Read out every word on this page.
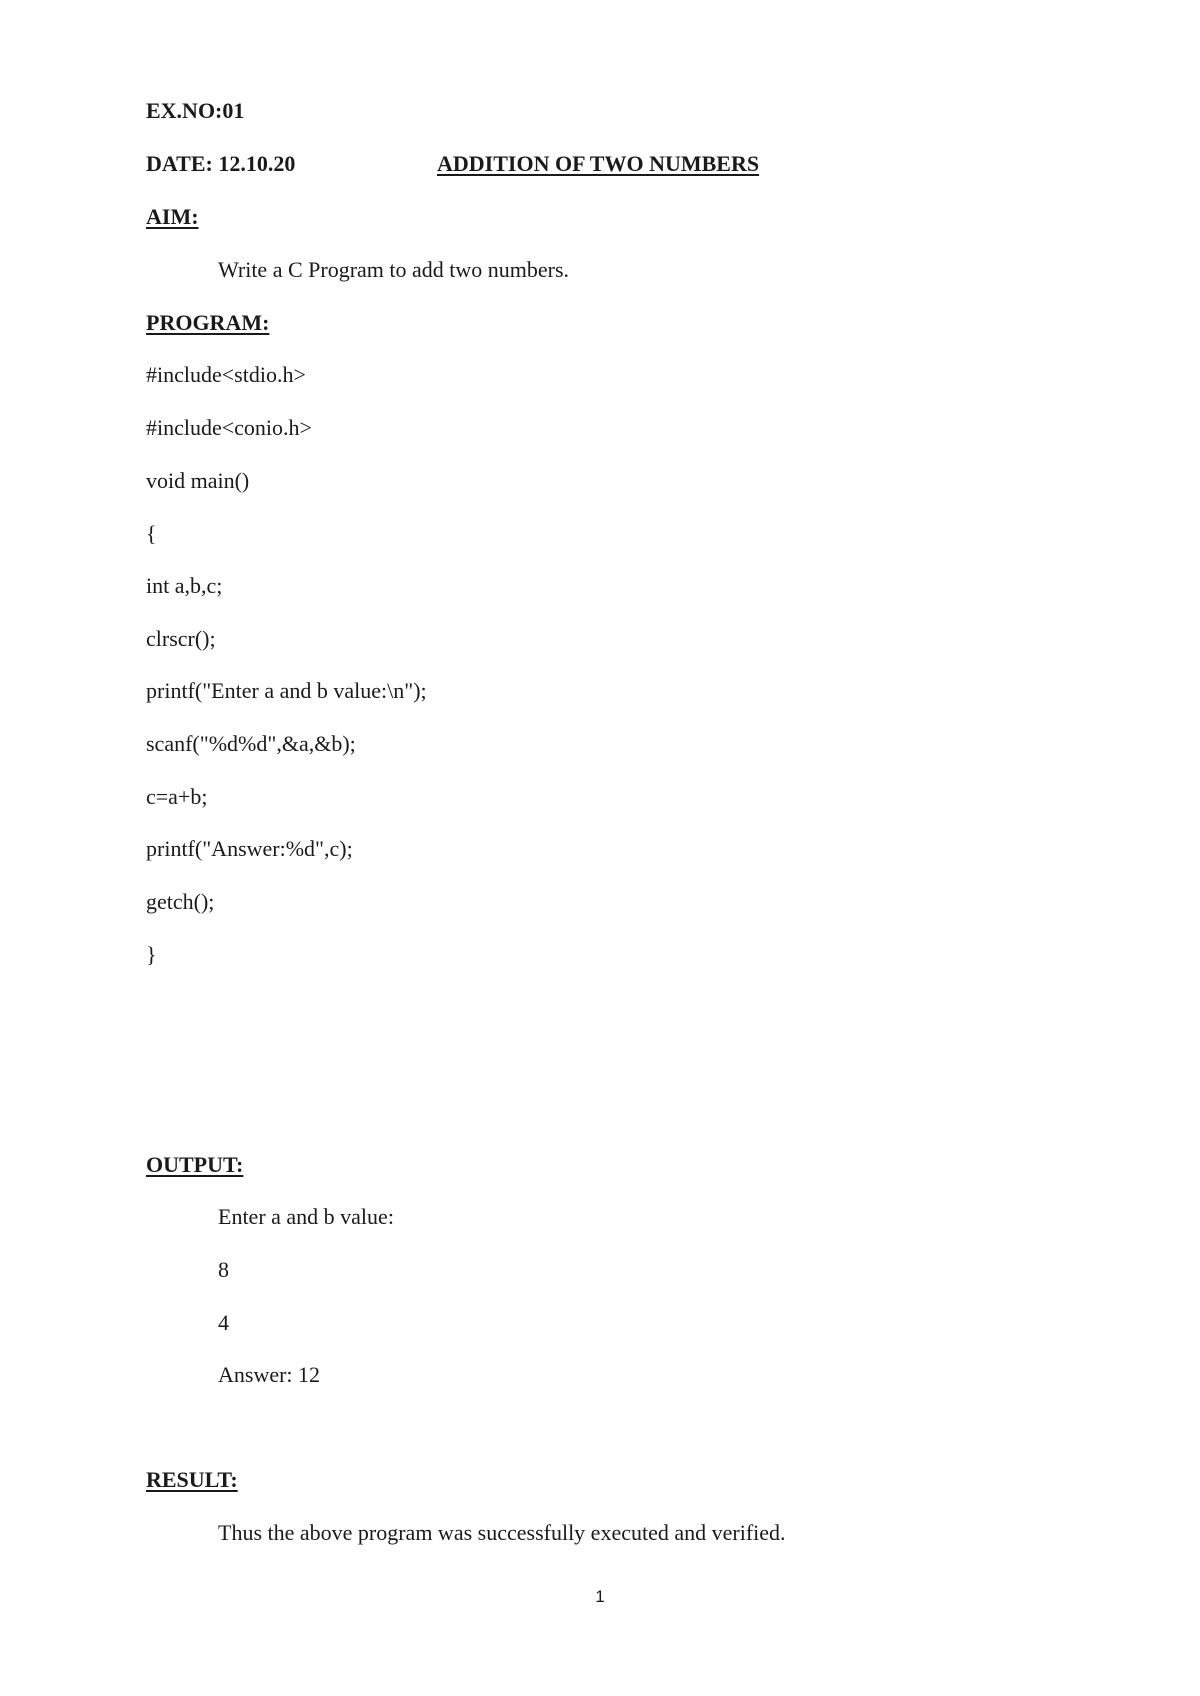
EX.NO:01
DATE: 12.10.20	ADDITION OF TWO NUMBERS
AIM:
Write a C Program to add two numbers.
PROGRAM:
#include<stdio.h>
#include<conio.h>
void main()
{
int a,b,c;
clrscr();
printf("Enter a and b value:\n");
scanf("%d%d",&a,&b);
c=a+b;
printf("Answer:%d",c);
getch();
}
OUTPUT:
Enter a and b value:
8
4
Answer: 12
RESULT:
Thus the above program was successfully executed and verified.
1
